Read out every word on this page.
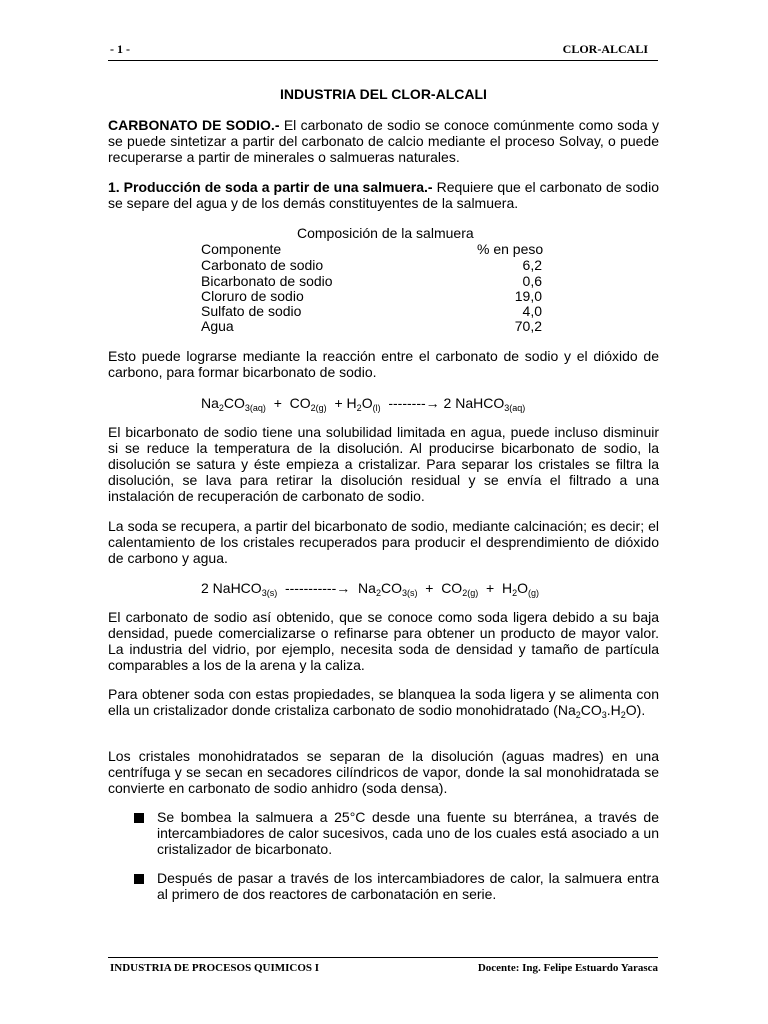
- 1 -	CLOR-ALCALI
INDUSTRIA DEL CLOR-ALCALI
CARBONATO DE SODIO.- El carbonato de sodio se conoce comúnmente como soda y se puede sintetizar a partir del carbonato de calcio mediante el proceso Solvay, o puede recuperarse a partir de minerales o salmueras naturales.
1. Producción de soda a partir de una salmuera.- Requiere que el carbonato de sodio se separe del agua y de los demás constituyentes de la salmuera.
Composición de la salmuera
Componente	% en peso
Carbonato de sodio	6,2
Bicarbonato de sodio	0,6
Cloruro de sodio	19,0
Sulfato de sodio	4,0
Agua	70,2
Esto puede lograrse mediante la reacción entre el carbonato de sodio y el dióxido de carbono, para formar bicarbonato de sodio.
$Na_2CO_{3(aq)} + CO_{2(g)} + H_2O_{(l)}$  --------→ 2 NaHCO$_{3(aq)}$
El bicarbonato de sodio tiene una solubilidad limitada en agua, puede incluso disminuir si se reduce la temperatura de la disolución. Al producirse bicarbonato de sodio, la disolución se satura y éste empieza a cristalizar. Para separar los cristales se filtra la disolución, se lava para retirar la disolución residual y se envía el filtrado a una instalación de recuperación de carbonato de sodio.
La soda se recupera, a partir del bicarbonato de sodio, mediante calcinación; es decir; el calentamiento de los cristales recuperados para producir el desprendimiento de dióxido de carbono y agua.
2 NaHCO$_{3(s)}$  -----------→  $Na_2CO_{3(s)} + CO_{2(g)} + H_2O_{(g)}$
El carbonato de sodio así obtenido, que se conoce como soda ligera debido a su baja densidad, puede comercializarse o refinarse para obtener un producto de mayor valor. La industria del vidrio, por ejemplo, necesita soda de densidad y tamaño de partícula comparables a los de la arena y la caliza.
Para obtener soda con estas propiedades, se blanquea la soda ligera y se alimenta con ella un cristalizador donde cristaliza carbonato de sodio monohidratado $(Na_2CO_3.H_2O)$.
Los cristales monohidratados se separan de la disolución (aguas madres) en una centrífuga y se secan en secadores cilíndricos de vapor, donde la sal monohidratada se convierte en carbonato de sodio anhidro (soda densa).
Se bombea la salmuera a 25°C desde una fuente su bterránea, a través de intercambiadores de calor sucesivos, cada uno de los cuales está asociado a un cristalizador de bicarbonato.
Después de pasar a través de los intercambiadores de calor, la salmuera entra al primero de dos reactores de carbonatación en serie.
INDUSTRIA DE PROCESOS QUIMICOS I	Docente: Ing. Felipe Estuardo Yarasca
